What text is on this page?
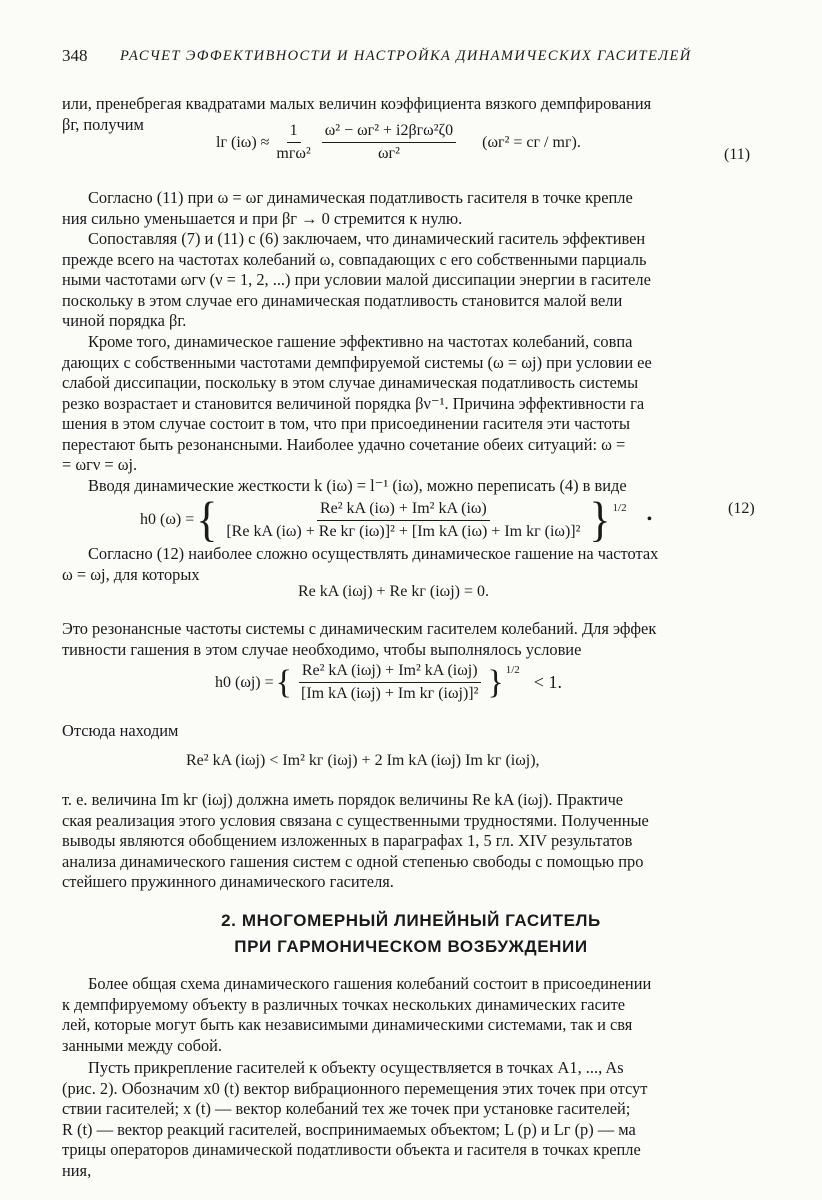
348 РАСЧЕТ ЭФФЕКТИВНОСТИ И НАСТРОЙКА ДИНАМИЧЕСКИХ ГАСИТЕЛЕЙ
или, пренебрегая квадратами малых величин коэффициента вязкого демпфирования
βг, получим
lг $(i\omega) \approx \frac{1}{\text{mгω²}} \frac{\text{ω² − ωг² + i2βгω²ζ0}}{\text{ωг²}} (\omega г^2$ = cг / mг).
(11)
Согласно (11) при ω = ωг динамическая податливость гасителя в точке крепле
ния сильно уменьшается и при βг → 0 стремится к нулю.
Сопоставляя (7) и (11) с (6) заключаем, что динамический гаситель эффективен
прежде всего на частотах колебаний ω, совпадающих с его собственными парциаль
ными частотами ωгν (ν = 1, 2, ...) при условии малой диссипации энергии в гасителе
поскольку в этом случае его динамическая податливость становится малой вели
чиной порядка βг.
Кроме того, динамическое гашение эффективно на частотах колебаний, совпа
дающих с собственными частотами демпфируемой системы (ω = ωj) при условии ее
слабой диссипации, поскольку в этом случае динамическая податливость системы
резко возрастает и становится величиной порядка βν⁻¹. Причина эффективности га
шения в этом случае состоит в том, что при присоединении гасителя эти частоты
перестают быть резонансными. Наиболее удачно сочетание обеих ситуаций: ω =
= ωгν = ωj.
Вводя динамические жесткости k (iω) = l⁻¹ (iω), можно переписать (4) в виде
h0 (ω) = { $\frac{\text{Re² kA (iω) + Im² kA (iω)}}{\text{[Re kA (iω) + Re kг (iω)]² + [Im kA (iω) + Im kг (iω)]²}} \}^{1/2}$
•
(12)
Согласно (12) наиболее сложно осуществлять динамическое гашение на частотах
ω = ωj, для которых
Re kA (iωj) + Re kг (iωj) = 0.
Это резонансные частоты системы с динамическим гасителем колебаний. Для эффек
тивности гашения в этом случае необходимо, чтобы выполнялось условие
h0 (ωj) = { $\frac{\text{Re² kA (iωj) + Im² kA (iωj)}}{\text{[Im kA (iωj) + Im kг (iωj)]²}} \}^{1/2}$
< 1.
Отсюда находим
Re² kA (iωj) < Im² kг (iωj) + 2 Im kA (iωj) Im kг (iωj),
т. е. величина Im kг (iωj) должна иметь порядок величины Re kA (iωj). Практиче
ская реализация этого условия связана с существенными трудностями. Полученные
выводы являются обобщением изложенных в параграфах 1, 5 гл. XIV результатов
анализа динамического гашения систем с одной степенью свободы с помощью про
стейшего пружинного динамического гасителя.
2. МНОГОМЕРНЫЙ ЛИНЕЙНЫЙ ГАСИТЕЛЬ
ПРИ ГАРМОНИЧЕСКОМ ВОЗБУЖДЕНИИ
Более общая схема динамического гашения колебаний состоит в присоединении
к демпфируемому объекту в различных точках нескольких динамических гасите
лей, которые могут быть как независимыми динамическими системами, так и свя
занными между собой.
Пусть прикрепление гасителей к объекту осуществляется в точках A1, ..., As
(рис. 2). Обозначим x0 (t) вектор вибрационного перемещения этих точек при отсут
ствии гасителей; x (t) — вектор колебаний тех же точек при установке гасителей;
R (t) — вектор реакций гасителей, воспринимаемых объектом; L (p) и Lг (p) — ма
трицы операторов динамической податливости объекта и гасителя в точках крепле
ния,
